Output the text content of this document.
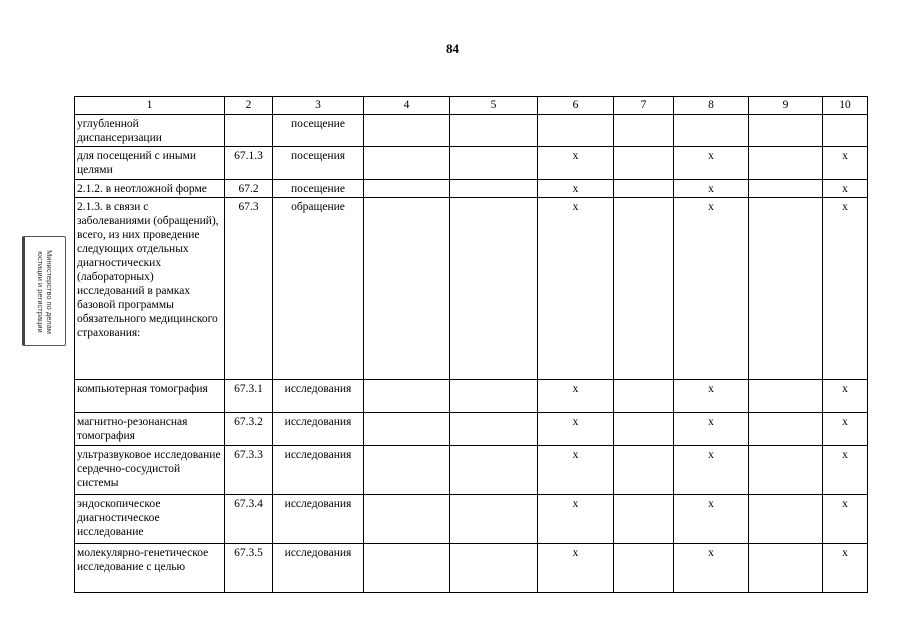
84
Министерство по делам
юстиции и регистрации
1	2	3	4	5	6	7	8	9	10
углубленной диспансеризации		посещение							
для посещений с иными целями	67.1.3	посещения			x		x		x
2.1.2. в неотложной форме	67.2	посещение			x		x		x
2.1.3. в связи с заболеваниями (обращений), всего, из них проведение следующих отдельных диагностических (лабораторных) исследований в рамках базовой программы обязательного медицинского страхования:	67.3	обращение			x		x		x
компьютерная томография	67.3.1	исследования			x		x		x
магнитно-резонансная томография	67.3.2	исследования			x		x		x
ультразвуковое исследование сердечно-сосудистой системы	67.3.3	исследования			x		x		x
эндоскопическое диагностическое исследование	67.3.4	исследования			x		x		x
молекулярно-генетическое исследование с целью	67.3.5	исследования			x		x		x
